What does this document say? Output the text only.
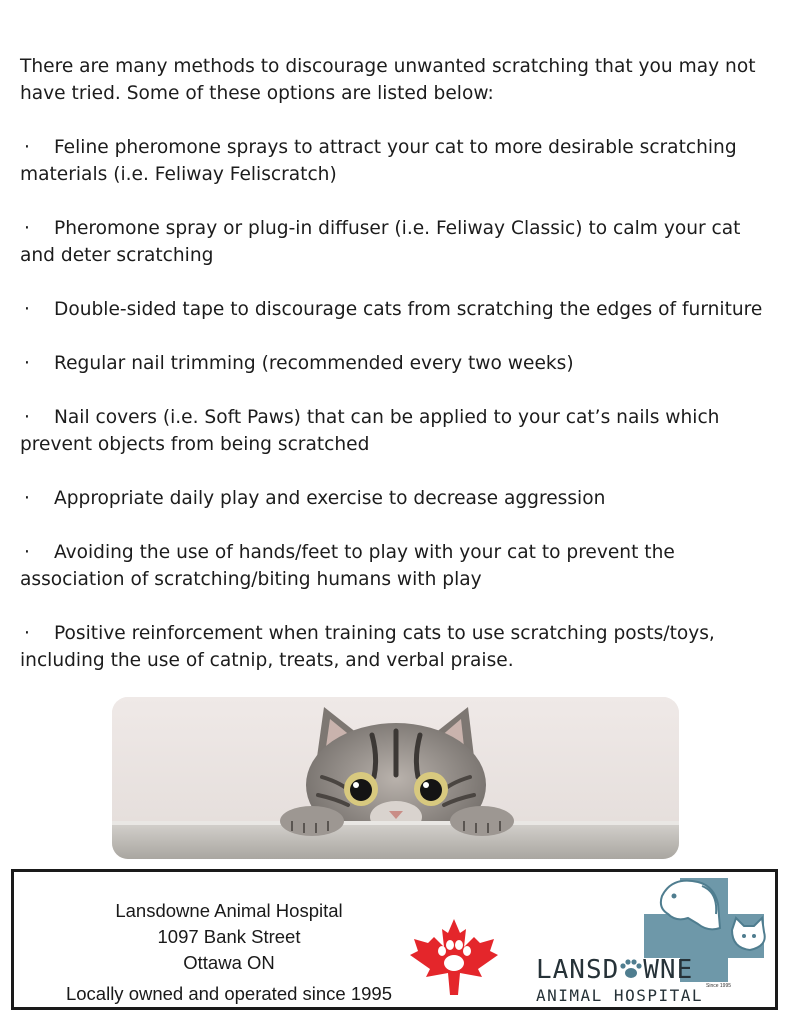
There are many methods to discourage unwanted scratching that you may not have tried. Some of these options are listed below:

· Feline pheromone sprays to attract your cat to more desirable scratching materials (i.e. Feliway Feliscratch)
· Pheromone spray or plug-in diffuser (i.e. Feliway Classic) to calm your cat and deter scratching
· Double-sided tape to discourage cats from scratching the edges of furniture
· Regular nail trimming (recommended every two weeks)
· Nail covers (i.e. Soft Paws) that can be applied to your cat’s nails which prevent objects from being scratched
· Appropriate daily play and exercise to decrease aggression
· Avoiding the use of hands/feet to play with your cat to prevent the association of scratching/biting humans with play
· Positive reinforcement when training cats to use scratching posts/toys, including the use of catnip, treats, and verbal praise.
Lansdowne Animal Hospital
1097 Bank Street
Ottawa ON
Locally owned and operated since 1995
LANSD WNE
ANIMAL HOSPITAL Since 1995
